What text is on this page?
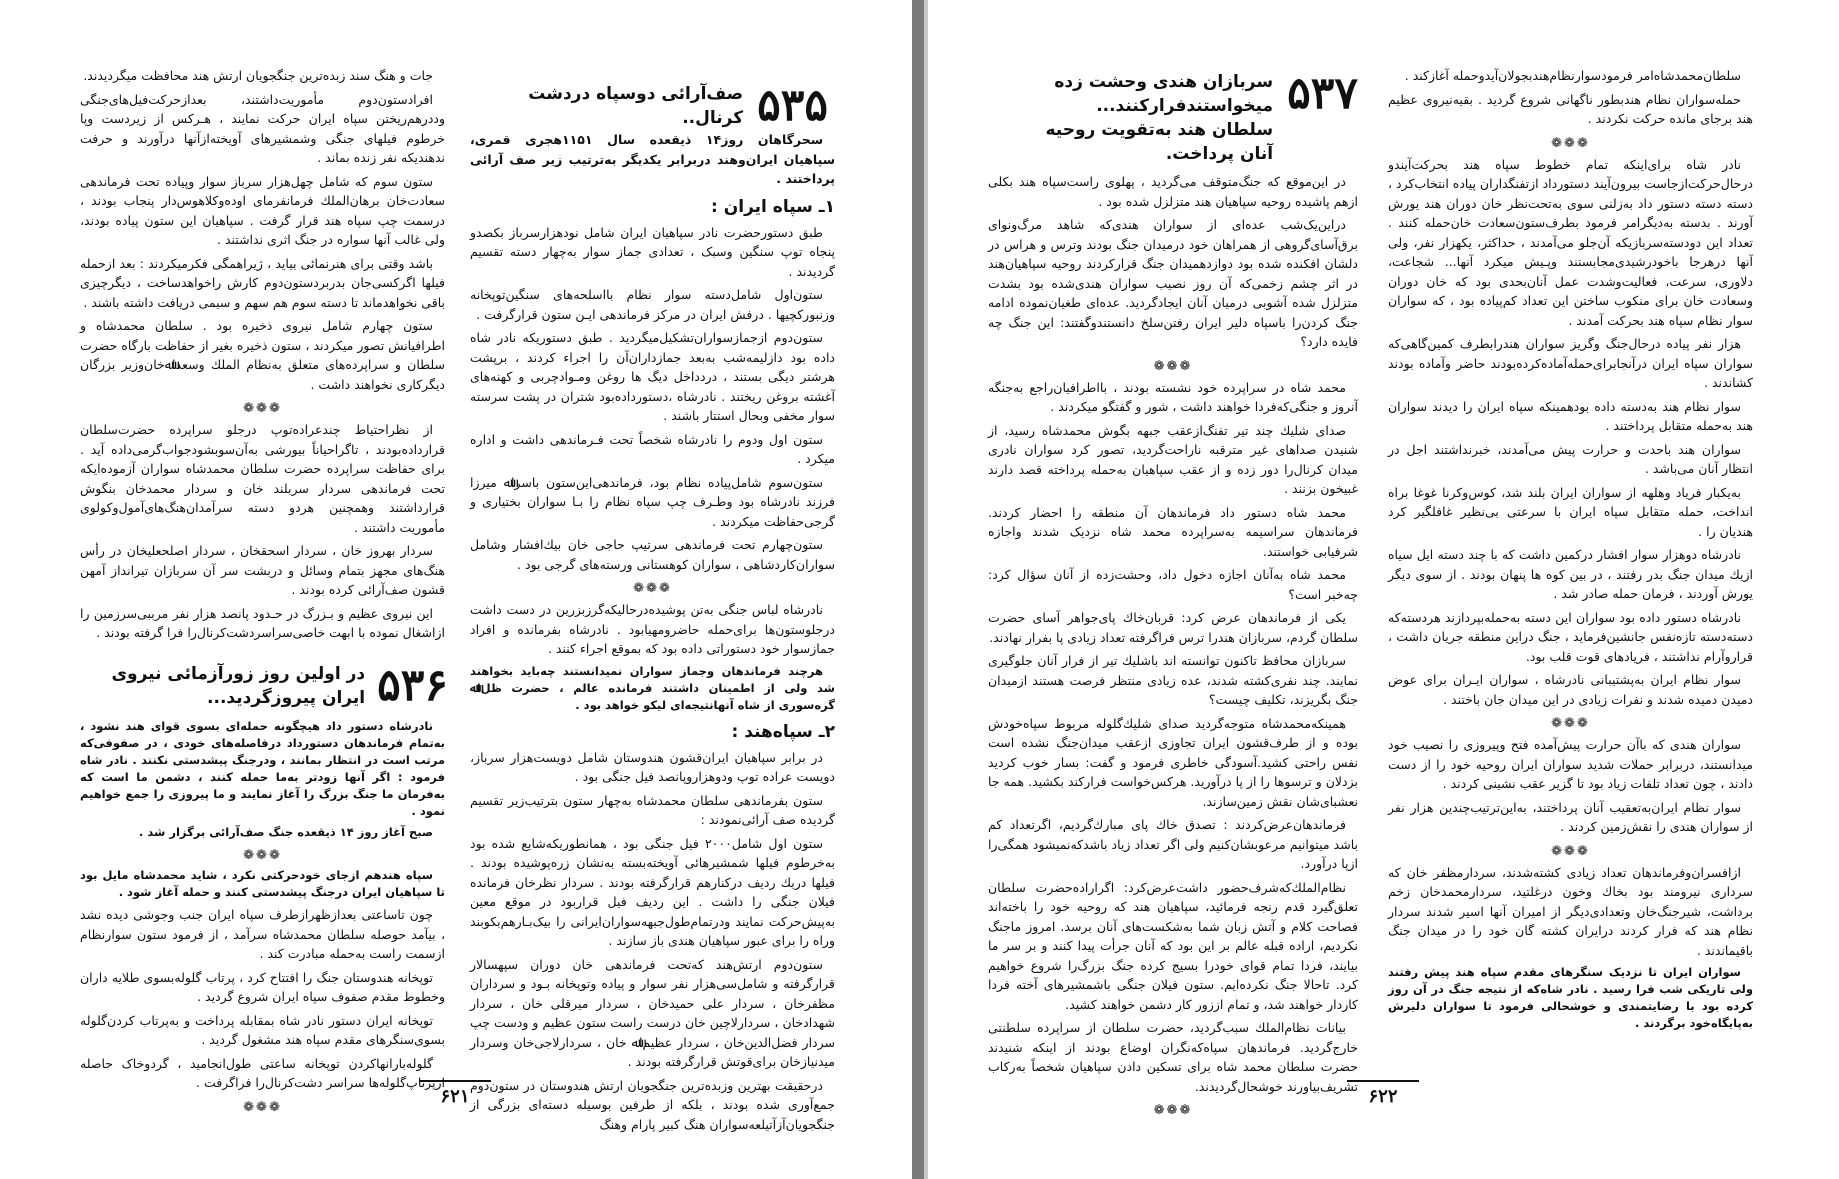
۵۳۵
صف‌آرائی دوسپاه دردشت کرنال..

سحرگاهان روز۱۴ ذیقعده سال ۱۱۵۱هجری قمری، سپاهیان ایران‌وهند دربرابر یکدیگر به‌ترتیب زیر صف آرائی پرداختند .

۱ـ سپاه ایران :

طبق دستورحضرت نادر سپاهیان ایران شامل نودهزارسرباز بکصدو پنجاه توپ سنگین وسبک ، تعدادی جماز سوار به‌چهار دسته تقسیم گردیدند .

ستون‌اول شامل‌دسته سوار نظام با‌اسلحه‌های سنگین‌توپخانه وزنبورکچیها . درفش ایران در مرکز فرماندهی ایـن ستون قرار‌گرفت .

ستون‌دوم ازجماز‌سواران‌تشکیل‌میگردید . طبق دستوریکه نادر شاه داده بود دازلیمه‌شب به‌بعد جمازداران‌آن را اجراء کردند ، برپشت هرشتر دیگی بستند ، دردداخل دیگ ها روغن ومـوادچربی و کهنه‌های آغشته بروغن ریختند . نادرشاه ،دستورداده‌بود شتران در پشت سرسته سوار مخفی وبحال استتار باشند .

ستون اول ودوم را نادرشاه شخصاً تحت فـرماندهی داشت و اداره میکرد .

ستون‌سوم شامل‌پیاده نظام بود، فرماندهی‌این‌ستون باسراﷲ میرزا فرزند نادرشاه بود وطـرف چپ سپاه نظام را بـا سواران بختیاری و گرجی‌حفاظت میکردند .

ستون‌چهارم تحت فرماندهی سرتیپ حاجی خان بیك‌افشار وشامل سواران‌کاردشاهی ، سواران کوهستانی ورستەهای گرجی بود .

❁❁❁

نادرشاه لباس جنگی به‌تن پوشیده‌درحالیکه‌گرز‌بزرین در دست داشت درجلو‌ستون‌ها برای‌حمله حاضرومهیابود . نادرشاه بفرمانده و افراد جمازسوار خود دستوراتی داده بود که بموقع اجراء کنند .

هرچند فرماندهان وجماز سواران نمیدانستند چه‌باید بخواهند شد ولی از اطمینان داشتند فرمانده عالم ، حضرت ظل‌اﷲ گره‌سوری از شاه آنها‌نتیجه‌ای لیکو خواهد بود .

۲ـ سپاه‌هند :

در برابر سپاهیان ایران‌قشون هندوستان شامل دویست‌هزار سرباز، دویست عراده توپ ودوهزاروپانصد فیل جنگی بود .

ستون بفرماندهی سلطان محمدشاه به‌چهار ستون بترتیب‌زیر تقسیم گردیده صف آرائی‌نمودند :

ستون اول شامل۲۰۰۰ فیل جنگی بود ، همانطوریکه‌شایع شده بود به‌خرطوم فیلها شمشیرهائی آویخته‌بسته به‌نشان زره‌پوشیده بودند . فیلها دربك ردیف درکنارهم قرارگرفته بودند . سردار نظرخان فرمانده فیلان جنگی را داشت . این ردیف فیل قراربود در موقع معین به‌پیش‌حرکت نمایند ودرتمام‌طول‌جبهه‌سواران‌ایرانی‌ را بیک‌بـارهم‌بکوبند وراه را برای عبور سپاهیان هندی باز سازند .

ستون‌دوم ارتش‌هند که‌تحت فرماندهی خان دوران سپهسالار قرارگرفته و شامل‌سی‌هزار نفر سوار و پیاده وتوپخانه بـود و سرداران مظفرخان ، سردار علی حمیدخان ، سردار میرقلی خان ، سردار شهداد‌خان ، سردارلاچین خان درست راست ستون عظیم و ‌و‌دست چپ سردار فضل‌الدین‌خان ، سردار عظیم‌اﷲ خان ، سردارلاجی‌خان وسردار میدنیازخان برای‌قوتش قرار‌گرفته بودند .

درحقیقت بهترین وزبده‌ترین جنگجویان ارتش هندوستان در ستون‌دوم جمع‌آوری شده بودند ، بلکه از طرفین بوسیله دسته‌ای بزرگی از جنگجویان‌آزآتیلعه‌سواران هنگ کبیر پارام وهنگ

جات و هنگ سند زبده‌ترین جنگجویان ارتش هند محافظت میگردیدند.

افرادستون‌دوم مأموریت‌داشتند، بعدازحرکت‌فیل‌های‌جنگی وددرهم‌ریختن‌ سپاه ایران حرکت نمایند ، هـرکس از زیردست وپا خرطوم فیلهای جنگی وشمشیرهای آویخته‌ازآنها درآورند و حرفت ندهندیکه نفر زنده بماند .

ستون سوم که شامل چهل‌هزار سرباز سوار وپیاده تحت فرماندهی سعادت‌خان برهان‌الملك فرمانفرمای اوده‌وکلاهوس‌دار پنجاب بودند ، درسمت چپ سپاه هند قرار گرفت . سپاهیان این ستون پیاده بودند، ولی غالب آنها سواره در جنگ اثری نداشتند .

باشد وقتی برای هنرنمائی بیاید ، ژیرا‌همگی فکرمیکردند : بعد از‌حمله فیلها اگرکسی‌جان بدربرد‌ستون‌دوم کارش را‌خواهدساخت ، دیگر‌چیزی باقی نخواهد‌ماند تا دسته سوم هم سهم و سیمی دریافت داشته باشند .

ستون چهارم شامل نیروی ذخیره بود . سلطان محمدشاه و اطرافیانش تصور میکردند ، ستون ذخیره بغیر از حفاظت بارگاه حضرت سلطان و سراپرده‌های متعلق به‌نظام الملك وسعدا‌ﷲ‌خان‌وزیر بزرگان دیگرکاری نخواهند داشت .

❁❁❁

از نظراحتیاط چندعراده‌توپ درجلو سراپرده حضرت‌سلطان قرارداده‌بودند ، تاگراحیاناً بیورشی به‌آن‌سوبشودجواب‌گرمی‌داده آید . برای حفاظت سراپرده حضرت سلطان محمدشاه سواران آزموده‌ایکه تحت فرماندهی سردار سربلند خان و سردار محمدخان بنگوش قرارداشتند وهمچنین‌ هردو دسته سرآمدان‌هنگ‌های‌آمول‌وکولوی مأموریت داشتند .

سردار بهروز خان ، سردار اسحقخان ، سردار اصلحعلیخان در رأس هنگ‌های مجهز بتمام وسائل و دربشت سر آن سربازان تیرانداز آمهن‌ قشون صف‌آرائی کرده بودند .

این نیروی عظیم و بـزرگ در حـدود پانصد هزار نفر مرببی‌سرزمین را ازاشغال نموده با ابهت خاصی‌سراسردشت‌کرنال‌را فرا گرفته بودند .

۵۳۶
در اولین روز زورآزمائی نیروی
ایران پیروزگردید...

نادرشاه دستور داد هیچگونه حمله‌ای بسوی قوای هند نشود ، به‌تمام فرماندهان دستورداد درفاصله‌های خودی ، در صفوفی‌که مرتب است در انتظار بمانند ، ودرجنگ پیشدستی نکنند . نادر شاه فرمود : اگر آنها زودتر به‌ما حمله کنند ، دشمن ما است که به‌فرمان ما جنگ بزرگ را آغاز نمایند و ما پیروزی را جمع خواهیم نمود .

صبح آغاز روز ۱۴ ذیقعده جنگ صف‌آرائی برگزار شد .

❁❁❁

سپاه هندهم ازجای خودحرکتی نکرد ، شاید محمدشاه مایل بود تا سپاهیان ایران درجنگ پیشدستی کنند و حمله آغاز شود .

چون تاساعتی بعدازظهرازطرف سپاه ایران جنب وجوشی دیده نشد ، بیآمد حوصله سلطان محمدشاه سرآمد ، از فرمود ستون سوارنظام ازسمت راست به‌حمله مبادرت کند .

توپخانه هندوستان جنگ را افتتاح کرد ، پرتاب گلوله‌بسوی طلایه داران وخطوط مقدم صفوف سپاه ایران شروع گردید .

توپخانه ایران دستور نادر شاه بمقابله پرداخت و به‌پرتاب کردن‌گلوله بسوی‌سنگرهای مقدم سپاه هند مشغول گردید .

گلوله‌بارانها‌کردن توپخانه ساعتی طول‌انجامید ، گردوخاک حاصله ازپرتاپ‌گلوله‌ها سراسر دشت‌کرنال‌را فراگرفت .

❁❁❁	۶۲۱

سلطان‌محمدشاه‌امر فرمودسوار‌نظام‌هندبجولان‌آیدوحمله آغازکند .

حمله‌سواران نظام هندبطور ناگهانی شروع گردید . بقیه‌نیروی عظیم هند برجای مانده حرکت نکردند .

❁❁❁

نادر شاه برای‌اینکه تمام خطوط سپاه هند بحرکت‌آیندو درحال‌حرکت‌ازجاست بیرون‌آیند دستورداد ازتفنگداران پیاده انتخاب‌کرد ، دسته دسته دستور داد به‌زلنی سوی به‌تحت‌نظر خان دوران هند یورش آورند . بدسته به‌دیگرامر فرمود بطرف‌ستون‌سعادت خان‌حمله کنند . تعداد این دودسته‌سربازیکه آن‌جلو می‌آمدند ، حداکثر، یکهزار نفر، ولی آنها درهرجا باخودرشیدی‌مجابستند وپـیش میکرد آنها... شجاعت، دلاوری، سرعت، فعالیت‌وشدت عمل آنان‌بحدی بود که خان دوران وسعادت خان برای منکوب ساختن این تعداد کم‌پیاده بود ، که سواران سوار نظام سپاه هند بحرکت آمدند .

هزار نفر پیاده درحال‌جنگ وگریز سواران هندرابطرف کمین‌گاهی‌که سواران سپاه ایران درآنجابرای‌حمله‌آماده‌کرده‌بودند حاضر وآماده بودند کشاندند .

سوار نظام هند به‌دسته داده بودهمینکه سپاه ایران را دیدند سواران هند به‌حمله متقابل پرداختند .

سواران هند باحدت و حرارت پیش می‌آمدند، خبرنداشتند اجل در انتظار آنان می‌باشد .

به‌یکبار فریاد وهلهه از سواران ایران بلند شد، کوس‌وکرنا غوغا براه انداخت، حمله متقابل سپاه ایران با سرعتی بی‌نظیر غافلگیر کرد هندیان را .

نادرشاه دوهزار سوار افشار درکمین داشت که با چند دسته ایل سیاه ازیك میدان جنگ بدر رفتند ، در بین کوه ها پنهان بودند . از سوی دیگر یورش آوردند ، فرمان حمله صادر شد .

نادرشاه دستور داده بود سواران این دسته به‌حمله‌بپردازند هردسته‌که دسته‌دسته تازه‌نفس جانشین‌فرماید ، جنگ دراین منطقه جریان داشت ، قرارو‌آرام نداشتند ، فریادهای قوت قلب بود.

سوار نظام ایران به‌پشتیبانی نادرشاه ، سواران ایـران برای عوض دمیدن دمیده شدند و نفرات زیادی در این میدان جان باختند .

❁❁❁

سواران هندی که باآن حرارت پیش‌آمده فتح وپیروزی را نصیب خود میدانستند، دربرابر حملات شدید سواران ایران روحیه خود را از دست دادند ، چون تعداد تلفات زیاد بود تا گزیر عقب‌ نشینی کردند .

سوار نظام ایران‌به‌تعقیب آنان پرداختند، به‌این‌ترتیب‌چندین هزار نفر از سواران هندی را نقش‌زمین کردند .

❁❁❁

ازافسران‌وفرماندهان تعداد زیادی کشته‌شدند، سردار‌مظفر خان که سرداری نیرومند بود‌ بخاك و‌خون درغلتید، سردارمحمدخان زخم برداشت، شیرجنگ‌خان وتعدادی‌دیگر از امیران آنها اسیر شدند سردار نظام هند که فرار کردند درایران کشته گان خود را در میدان جنگ باقیماندند .

سواران ایران تا نزدیک سنگرهای مقدم سپاه هند پیش رفتند ولی تاریکی شب فرا رسید . نادر شاه‌که از نتیجه جنگ در آن روز کرده بود با رضایتمندی و خوشحالی فرمود تا سواران دلیرش به‌پایگاه‌خود برگردند .

۵۳۷
سربازان هندی وحشت زده
میخواستندفرارکنند...
سلطان هند به‌تقویت روحیه
آنان پرداخت.

در این‌موقع که جنگ‌متوقف می‌گردید ، پهلوی راست‌سپاه هند بکلی از‌هم پاشیده روحیه سپاهیان هند متزلزل شده بود .

دراین‌یک‌شب عده‌ای از سواران هندی‌که شاهد مرگ‌ونوای برق‌آسای‌گروهی از همراهان خود درمیدان جنگ بودند وترس و هراس در دلشان افکنده شده بود‌ دوازدهمیدان جنگ قرارکردند روحیه سپاهیان‌هند در اثر چشم زخمی‌که آن روز نصیب سواران هندی‌شده بود بشدت متزلزل شده آشوبی درمیان آنان‌ ایجادگردید. عده‌ای طغیان‌نموده ادامه جنگ کردن‌را باسپاه دلیر ایران رفتن‌سلخ دانستند‌وگفتند: این جنگ چه فایده دارد؟

❁❁❁

محمد شاه در سراپرده خود نشسته بودند ، بااطرافیان‌راجع به‌جنگه آنروز و جنگی‌که‌فردا خواهند داشت ، شور و گفتگو میکردند .

صدای شلیك چند تیر تفنگ‌ازعقب جبهه بگوش محمدشاه رسید، از شنیدن صداهای غیر مترقبه ناراحت‌گردید، تصور کرد سواران نادری میدان کرنال‌را دور زده و از عقب سپاهیان به‌حمله پرداخته قصد دارند غبیخون بزنند .

محمد شاه دستور داد فرماندهان آن منطقه را احضار کردند. فرماندهان سراسیمه به‌سراپرده محمد شاه نزدیک شدند واجازه شرفیابی خواستند.

محمد شاه به‌آنان اجازه دخول داد، وحشت‌زده از آنان سؤال کرد: چه‌خبر است؟

یکی از فرماندهان عرض کرد: قربان‌خاك پای‌جواهر آسای حضرت سلطان گردم، سربازان هندرا ترس فراگرفته تعداد زیادی پا بفرار نهادند.

سربازان محافظ تاکنون توانسته اند باشلیك تیر از فرار آنان جلوگیری نمایند. چند نفری‌کشته شدند، عده زیادی منتظر فرصت هستند ازمیدان جنگ بگریزند، تکلیف چیست؟

همینکه‌محمدشاه متوجه‌گردید صدای شلیك‌گلوله مربوط سپاه‌خودش بوده و از طرف‌قشون ایران تجاوزی ازعقب میدان‌جنگ نشده است نفس راحتی کشید.آسودگی خاطری فرمود و گفت: بسار خوب کردید بزدلان و ترسوها را از پا درآورید. هرکس‌خواست فرارکند بکشید. همه جا نعشبای‌شان نقش زمین‌سازند.

فرماندهان‌عرض‌کردند : تصدق خاك پای مبارك‌گردیم، اگرتعداد کم باشد میتوانیم مرعوبشان‌کنیم ولی اگر تعداد زیاد باشد‌که‌نمیشود همگی‌را ازپا درآورد.

نظام‌الملك‌که‌شرف‌حضور داشت‌عرض‌کرد: اگراراده‌حضرت سلطان تعلق‌گیرد قدم رنجه فرمائید، سپاهیان هند که روحیه خود را باخته‌اند فصاحت کلام و آتش زبان شما به‌شکست‌های آنان برسد. امروز ماجنگ نکردیم، اراده قبله عالم بر این بود که آنان جرأت پیدا کنند و بر سر ما بیایند، فردا تمام قوای خودرا بسیج کرده جنگ بزرگ‌را شروع خواهیم کرد. تاحالا جنگ نکرده‌ایم. ستون فیلان جنگی باشمشیرهای آخته فردا کاردار خواهند شد، و تمام اززور کار دشمن خواهند کشید.

بیانات نظام‌الملك سبب‌گردید، حضرت سلطان از سراپرده سلطنتی خارج‌گردید. فرماندهان سپاه‌که‌نگران اوضاع بودند از اینکه شنیدند حضرت سلطان محمد شاه برای تسکین دادن سپاهیان شخصاً به‌رکاب تشریف‌بیاورند خوشحال‌گردیدند.

❁❁❁
۶۲۲
